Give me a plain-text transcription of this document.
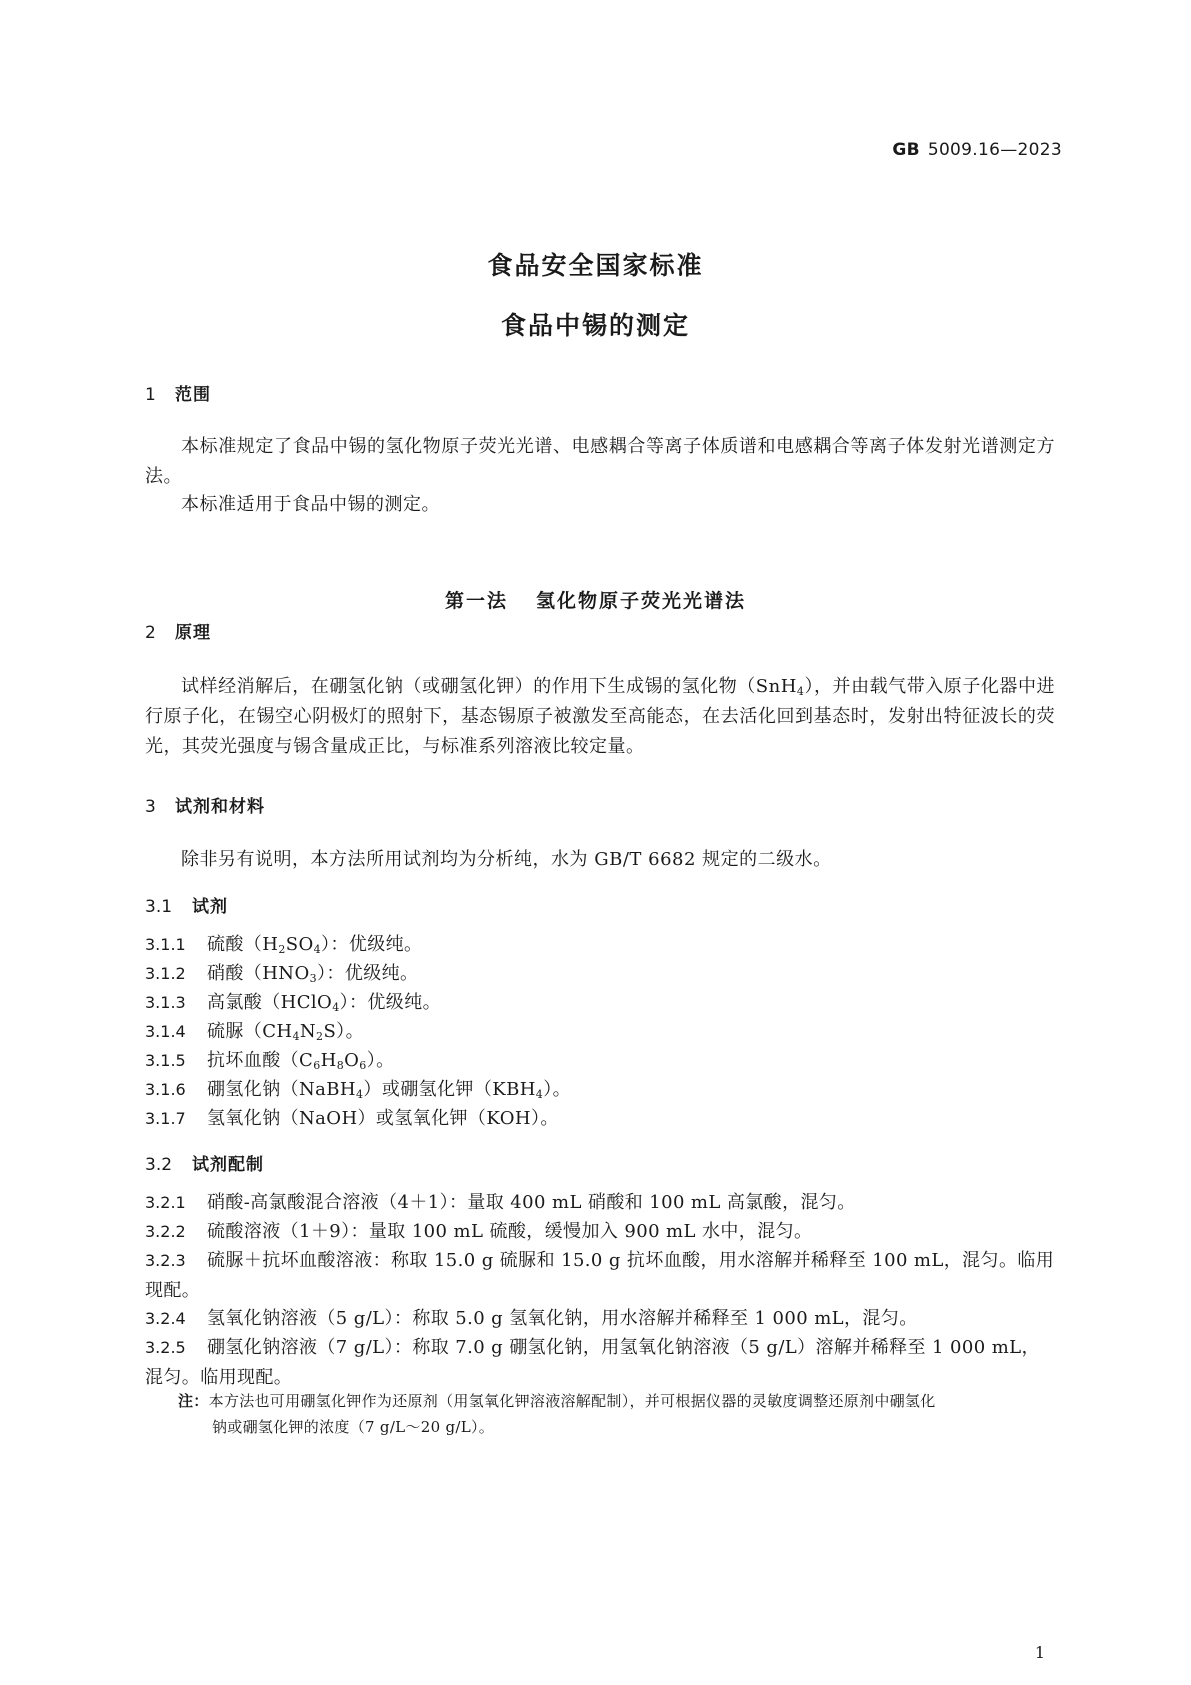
GB 5009.16—2023
食品安全国家标准
食品中锡的测定
1 范围
本标准规定了食品中锡的氢化物原子荧光光谱、电感耦合等离子体质谱和电感耦合等离子体发射光谱测定方法。
本标准适用于食品中锡的测定。
第一法 氢化物原子荧光光谱法
2 原理
试样经消解后，在硼氢化钠（或硼氢化钾）的作用下生成锡的氢化物（SnH$_4$），并由载气带入原子化器中进行原子化，在锡空心阴极灯的照射下，基态锡原子被激发至高能态，在去活化回到基态时，发射出特征波长的荧光，其荧光强度与锡含量成正比，与标准系列溶液比较定量。
3 试剂和材料
除非另有说明，本方法所用试剂均为分析纯，水为 GB/T 6682 规定的二级水。
3.1 试剂
3.1.1 硫酸$(H_2SO_4)$：优级纯。
3.1.2 硝酸$(HNO_3)$：优级纯。
3.1.3 高氯酸（HClO$_4$）：优级纯。
3.1.4 硫脲$(CH_4N_2S)$。
3.1.5 抗坏血酸$(C_6H_8O_6)$。
3.1.6 硼氢化钠（NaBH$_4$）或硼氢化钾$(KBH_4)$。
3.1.7 氢氧化钠（NaOH）或氢氧化钾（KOH）。
3.2 试剂配制
3.2.1 硝酸-高氯酸混合溶液（4＋1）：量取 400 mL 硝酸和 100 mL 高氯酸，混匀。
3.2.2 硫酸溶液（1＋9）：量取 100 mL 硫酸，缓慢加入 900 mL 水中，混匀。
3.2.3 硫脲＋抗坏血酸溶液：称取 15.0 g 硫脲和 15.0 g 抗坏血酸，用水溶解并稀释至 100 mL，混匀。临用现配。
3.2.4 氢氧化钠溶液（5 g/L）：称取 5.0 g 氢氧化钠，用水溶解并稀释至 1 000 mL，混匀。
3.2.5 硼氢化钠溶液（7 g/L）：称取 7.0 g 硼氢化钠，用氢氧化钠溶液（5 g/L）溶解并稀释至 1 000 mL，混匀。临用现配。
注：本方法也可用硼氢化钾作为还原剂（用氢氧化钾溶液溶解配制），并可根据仪器的灵敏度调整还原剂中硼氢化
钠或硼氢化钾的浓度（7 g/L～20 g/L）。
1
